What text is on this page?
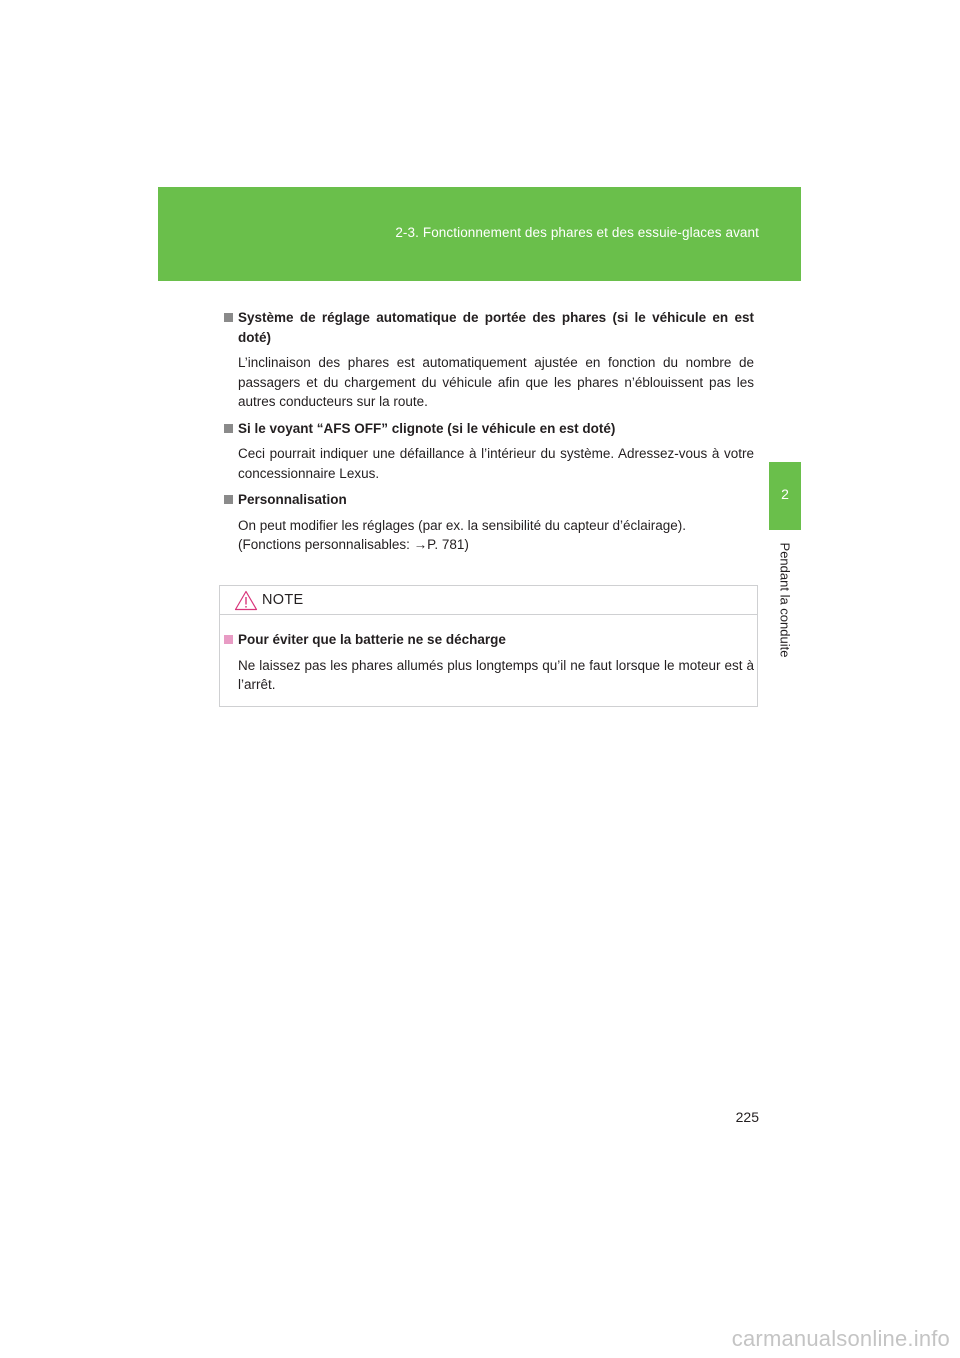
2-3. Fonctionnement des phares et des essuie-glaces avant
2
Pendant la conduite
Système de réglage automatique de portée des phares (si le véhicule en est doté)

L’inclinaison des phares est automatiquement ajustée en fonction du nombre de passagers et du chargement du véhicule afin que les phares n’éblouissent pas les autres conducteurs sur la route.

Si le voyant “AFS OFF” clignote (si le véhicule en est doté)

Ceci pourrait indiquer une défaillance à l’intérieur du système. Adressez-vous à votre concessionnaire Lexus.

Personnalisation

On peut modifier les réglages (par ex. la sensibilité du capteur d’éclairage).

(Fonctions personnalisables: →P. 781)

NOTE
Pour éviter que la batterie ne se décharge

Ne laissez pas les phares allumés plus longtemps qu’il ne faut lorsque le moteur est à l’arrêt.

225
carmanualsonline.info
